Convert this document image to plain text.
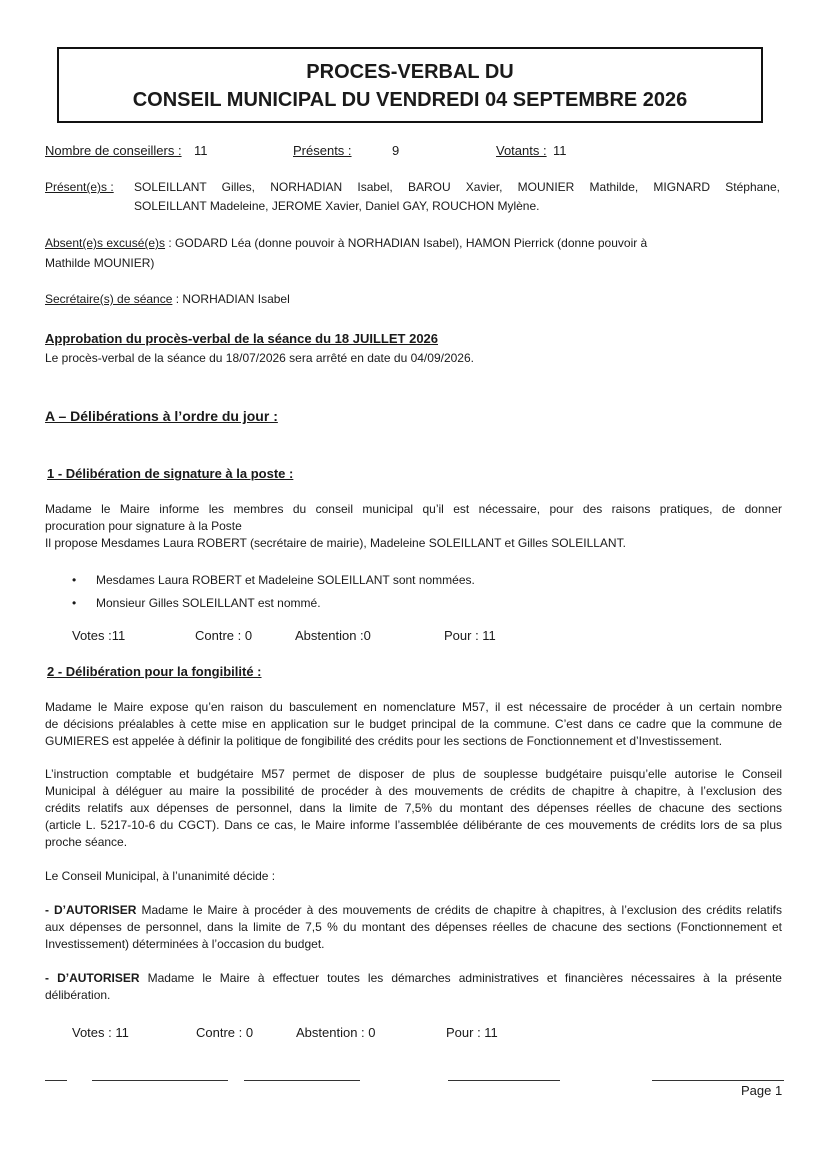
PROCES-VERBAL DU
CONSEIL MUNICIPAL DU VENDREDI 04 SEPTEMBRE 2026
Nombre de conseillers : 11	Présents :	9	Votants : 11
Présent(e)s : SOLEILLANT Gilles, NORHADIAN Isabel, BAROU Xavier, MOUNIER Mathilde, MIGNARD Stéphane,
SOLEILLANT Madeleine, JEROME Xavier, Daniel GAY, ROUCHON Mylène.
Absent(e)s excusé(e)s : GODARD Léa (donne pouvoir à NORHADIAN Isabel), HAMON Pierrick (donne pouvoir à
Mathilde MOUNIER)
Secrétaire(s) de séance : NORHADIAN Isabel
Approbation du procès-verbal de la séance du 18 JUILLET 2026
Le procès-verbal de la séance du 18/07/2026 sera arrêté en date du 04/09/2026.
A – Délibérations à l’ordre du jour :
1 - Délibération de signature à la poste :
Madame le Maire informe les membres du conseil municipal qu’il est nécessaire, pour des raisons pratiques, de donner
procuration pour signature à la Poste
Il propose Mesdames Laura ROBERT (secrétaire de mairie), Madeleine SOLEILLANT et Gilles SOLEILLANT.
• Mesdames Laura ROBERT et Madeleine SOLEILLANT sont nommées.
• Monsieur Gilles SOLEILLANT est nommé.
Votes :11	Contre : 0	Abstention :0	Pour : 11
2 - Délibération pour la fongibilité :
Madame le Maire expose qu’en raison du basculement en nomenclature M57, il est nécessaire de procéder à un certain nombre
de décisions préalables à cette mise en application sur le budget principal de la commune. C’est dans ce cadre que la commune de
GUMIERES est appelée à définir la politique de fongibilité des crédits pour les sections de Fonctionnement et d’Investissement.
L’instruction comptable et budgétaire M57 permet de disposer de plus de souplesse budgétaire puisqu’elle autorise le Conseil
Municipal à déléguer au maire la possibilité de procéder à des mouvements de crédits de chapitre à chapitre, à l’exclusion des
crédits relatifs aux dépenses de personnel, dans la limite de 7,5% du montant des dépenses réelles de chacune des sections
(article L. 5217-10-6 du CGCT). Dans ce cas, le Maire informe l’assemblée délibérante de ces mouvements de crédits lors de sa plus
proche séance.
Le Conseil Municipal, à l’unanimité décide :
- D’AUTORISER Madame le Maire à procéder à des mouvements de crédits de chapitre à chapitres, à l’exclusion des crédits relatifs
aux dépenses de personnel, dans la limite de 7,5 % du montant des dépenses réelles de chacune des sections (Fonctionnement et
Investissement) déterminées à l’occasion du budget.
- D’AUTORISER Madame le Maire à effectuer toutes les démarches administratives et financières nécessaires à la présente
délibération.
Votes : 11	Contre : 0	Abstention : 0	Pour : 11
Page 1
